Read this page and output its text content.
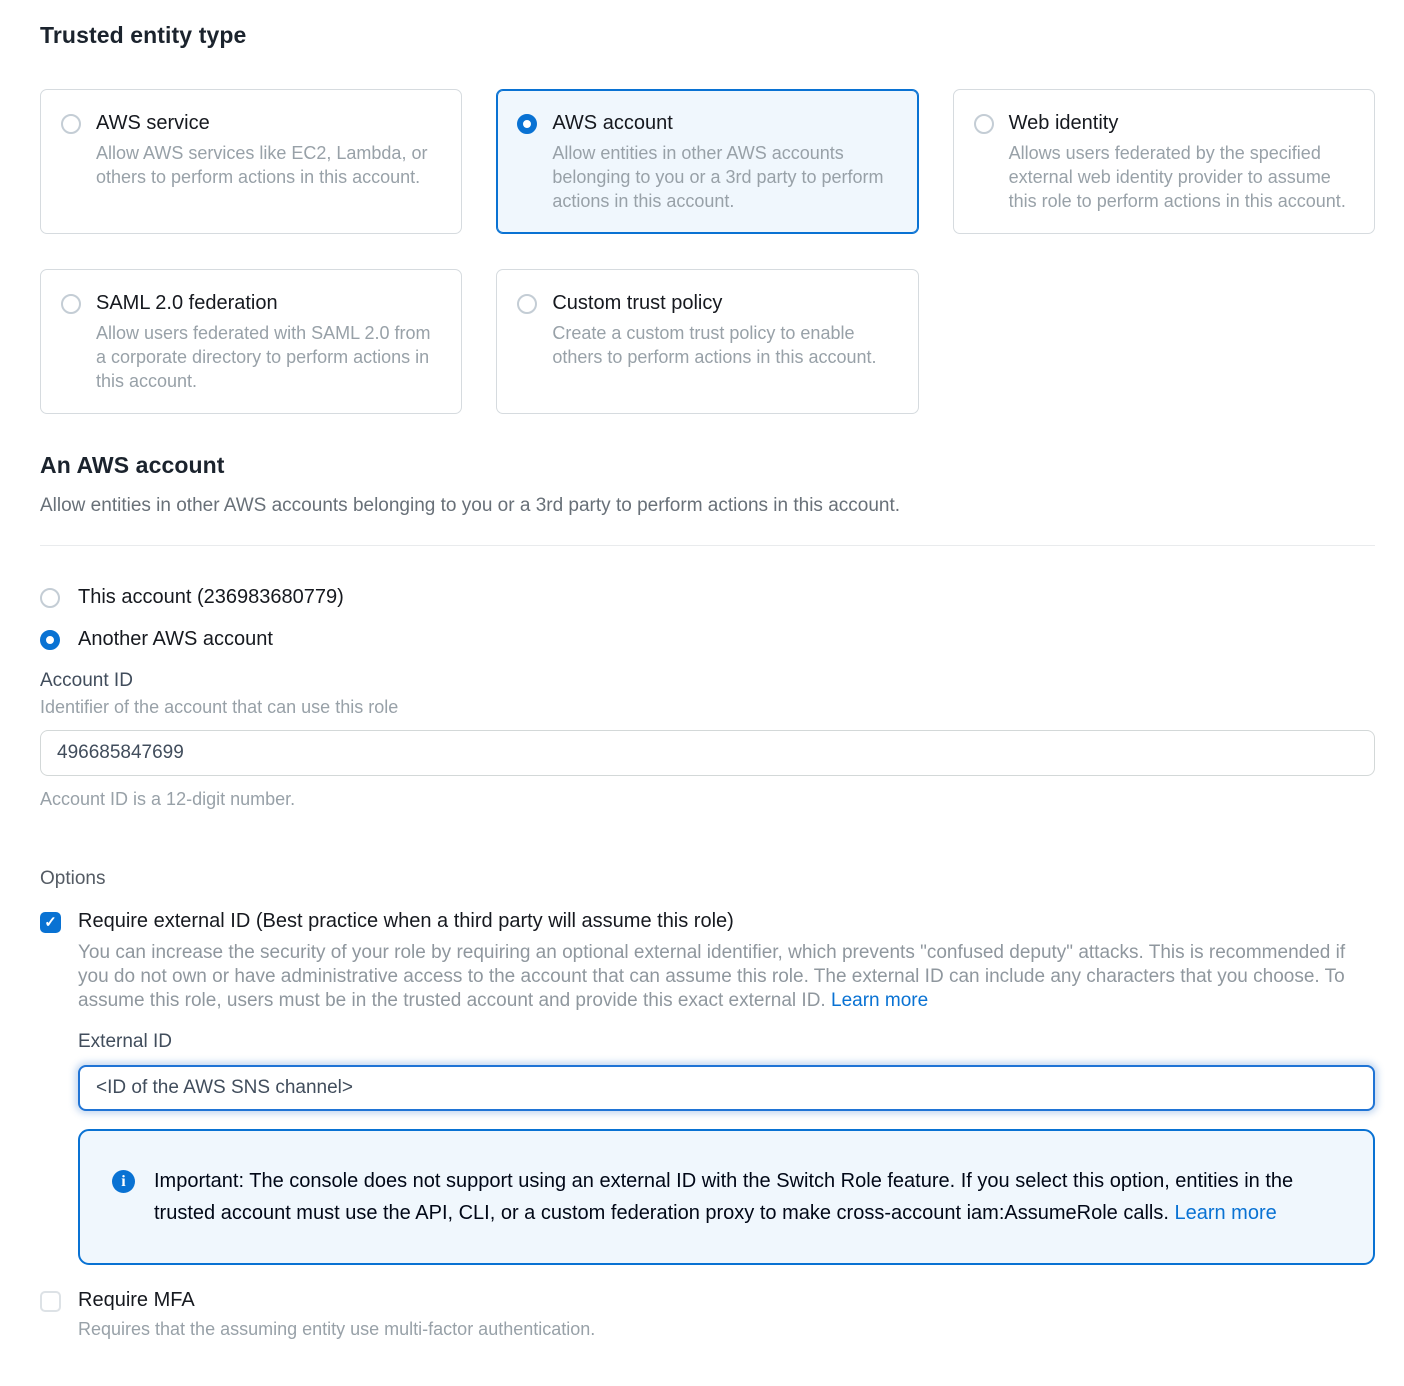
Trusted entity type
AWS service
Allow AWS services like EC2, Lambda, or others to perform actions in this account.
AWS account
Allow entities in other AWS accounts belonging to you or a 3rd party to perform actions in this account.
Web identity
Allows users federated by the specified external web identity provider to assume this role to perform actions in this account.
SAML 2.0 federation
Allow users federated with SAML 2.0 from a corporate directory to perform actions in this account.
Custom trust policy
Create a custom trust policy to enable others to perform actions in this account.
An AWS account

Allow entities in other AWS accounts belonging to you or a 3rd party to perform actions in this account.

This account (236983680779)
Another AWS account
Account ID
Identifier of the account that can use this role
496685847699
Account ID is a 12-digit number.
Options
✓ Require external ID (Best practice when a third party will assume this role)
You can increase the security of your role by requiring an optional external identifier, which prevents "confused deputy" attacks. This is recommended if you do not own or have administrative access to the account that can assume this role. The external ID can include any characters that you choose. To assume this role, users must be in the trusted account and provide this exact external ID. Learn more
External ID
<ID of the AWS SNS channel>
i	Important: The console does not support using an external ID with the Switch Role feature. If you select this option, entities in the trusted account must use the API, CLI, or a custom federation proxy to make cross-account iam:AssumeRole calls. Learn more
Require MFA
Requires that the assuming entity use multi-factor authentication.
